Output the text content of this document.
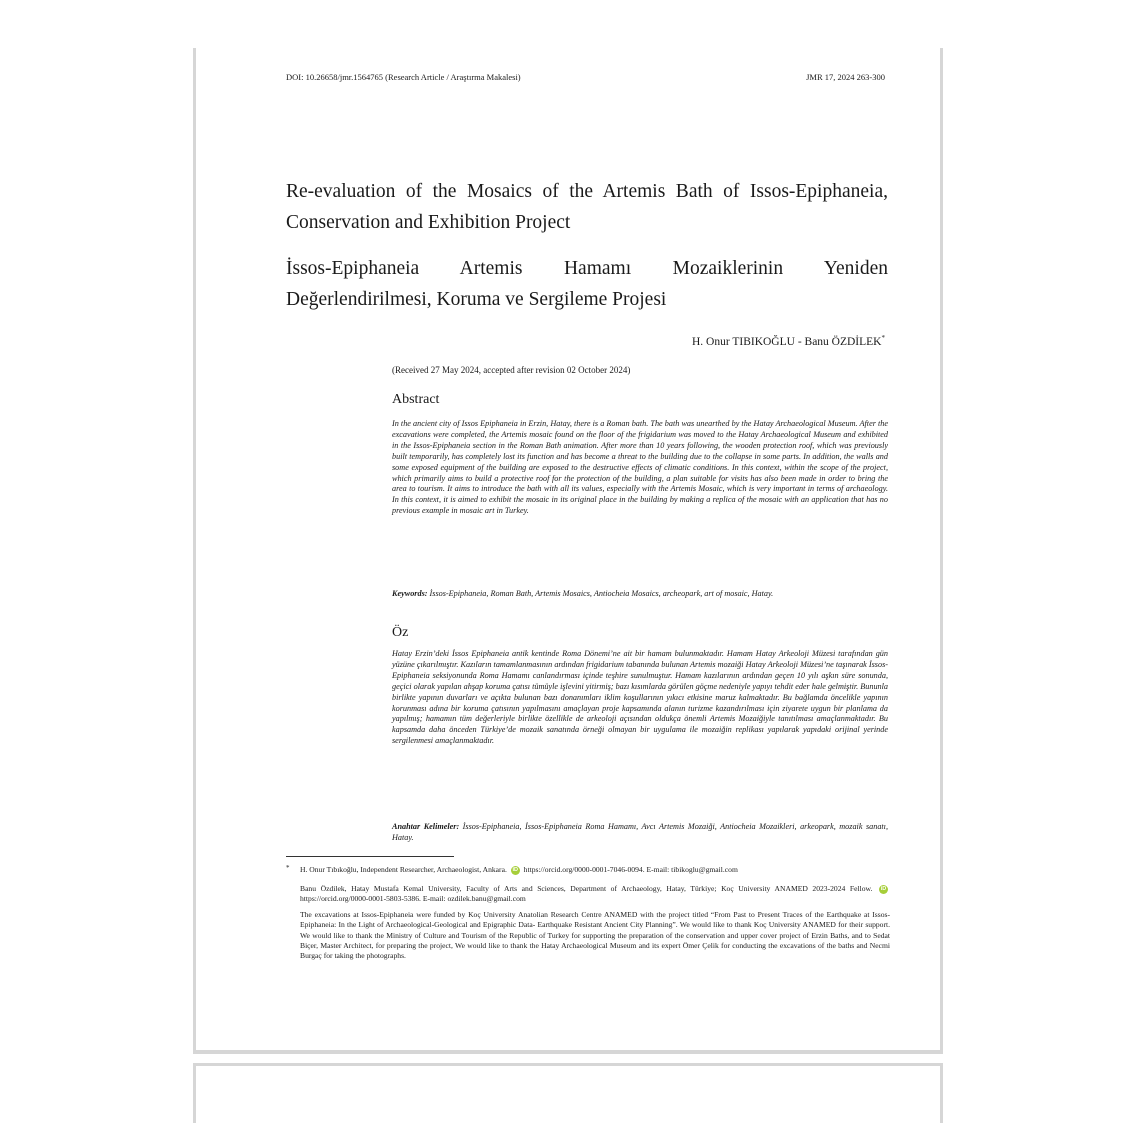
DOI: 10.26658/jmr.1564765 (Research Article / Araştırma Makalesi)	JMR 17, 2024 263-300
Re-evaluation of the Mosaics of the Artemis Bath of Issos-Epiphaneia, Conservation and Exhibition Project
İssos-Epiphaneia Artemis Hamamı Mozaiklerinin Yeniden Değerlendirilmesi, Koruma ve Sergileme Projesi
H. Onur TIBIKOĞLU - Banu ÖZDİLEK*
(Received 27 May 2024, accepted after revision 02 October 2024)
Abstract

In the ancient city of Issos Epiphaneia in Erzin, Hatay, there is a Roman bath. The bath was unearthed by the Hatay Archaeological Museum. After the excavations were completed, the Artemis mosaic found on the floor of the frigidarium was moved to the Hatay Archaeological Museum and exhibited in the Issos-Epiphaneia section in the Roman Bath animation. After more than 10 years following, the wooden protection roof, which was previously built temporarily, has completely lost its function and has become a threat to the building due to the collapse in some parts. In addition, the walls and some exposed equipment of the building are exposed to the destructive effects of climatic conditions. In this context, within the scope of the project, which primarily aims to build a protective roof for the protection of the building, a plan suitable for visits has also been made in order to bring the area to tourism. It aims to introduce the bath with all its values, especially with the Artemis Mosaic, which is very important in terms of archaeology. In this context, it is aimed to exhibit the mosaic in its original place in the building by making a replica of the mosaic with an application that has no previous example in mosaic art in Turkey.

Keywords: İssos-Epiphaneia, Roman Bath, Artemis Mosaics, Antiocheia Mosaics, archeopark, art of mosaic, Hatay.

Öz

Hatay Erzin’deki İssos Epiphaneia antik kentinde Roma Dönemi’ne ait bir hamam bulunmaktadır. Hamam Hatay Arkeoloji Müzesi tarafından gün yüzüne çıkarılmıştır. Kazıların tamamlanmasının ardından frigidarium tabanında bulunan Artemis mozaiği Hatay Arkeoloji Müzesi’ne taşınarak İssos-Epiphaneia seksiyonunda Roma Hamamı canlandırması içinde teşhire sunulmuştur. Hamam kazılarının ardından geçen 10 yılı aşkın süre sonunda, geçici olarak yapılan ahşap koruma çatısı tümüyle işlevini yitirmiş; bazı kısımlarda görülen göçme nedeniyle yapıyı tehdit eder hale gelmiştir. Bununla birlikte yapının duvarları ve açıkta bulunan bazı donanımları iklim koşullarının yıkıcı etkisine maruz kalmaktadır. Bu bağlamda öncelikle yapının korunması adına bir koruma çatısının yapılmasını amaçlayan proje kapsamında alanın turizme kazandırılması için ziyarete uygun bir planlama da yapılmış; hamamın tüm değerleriyle birlikte özellikle de arkeoloji açısından oldukça önemli Artemis Mozaiğiyle tanıtılması amaçlanmaktadır. Bu kapsamda daha önceden Türkiye’de mozaik sanatında örneği olmayan bir uygulama ile mozaiğin replikası yapılarak yapıdaki orijinal yerinde sergilenmesi amaçlanmaktadır.

Anahtar Kelimeler: İssos-Epiphaneia, İssos-Epiphaneia Roma Hamamı, Avcı Artemis Mozaiği, Antiocheia Mozaikleri, arkeopark, mozaik sanatı, Hatay.

* H. Onur Tıbıkoğlu, Independent Researcher, Archaeologist, Ankara. iD https://orcid.org/0000-0001-7046-0094. E-mail: tibikoglu@gmail.com

Banu Özdilek, Hatay Mustafa Kemal University, Faculty of Arts and Sciences, Department of Archaeology, Hatay, Türkiye; Koç University ANAMED 2023-2024 Fellow. iD https://orcid.org/0000-0001-5803-5386. E-mail: ozdilek.banu@gmail.com

The excavations at Issos-Epiphanеia were funded by Koç University Anatolian Research Centre ANAMED with the project titled “From Past to Present Traces of the Earthquake at Issos-Epiphaneia: In the Light of Archaeological-Geological and Epigraphic Data- Earthquake Resistant Ancient City Planning”. We would like to thank Koç University ANAMED for their support. We would like to thank the Ministry of Culture and Tourism of the Republic of Turkey for supporting the preparation of the conservation and upper cover project of Erzin Baths, and to Sedat Biçer, Master Architect, for preparing the project, We would like to thank the Hatay Archaeological Museum and its expert Ömer Çelik for conducting the excavations of the baths and Necmi Burgaç for taking the photographs.
